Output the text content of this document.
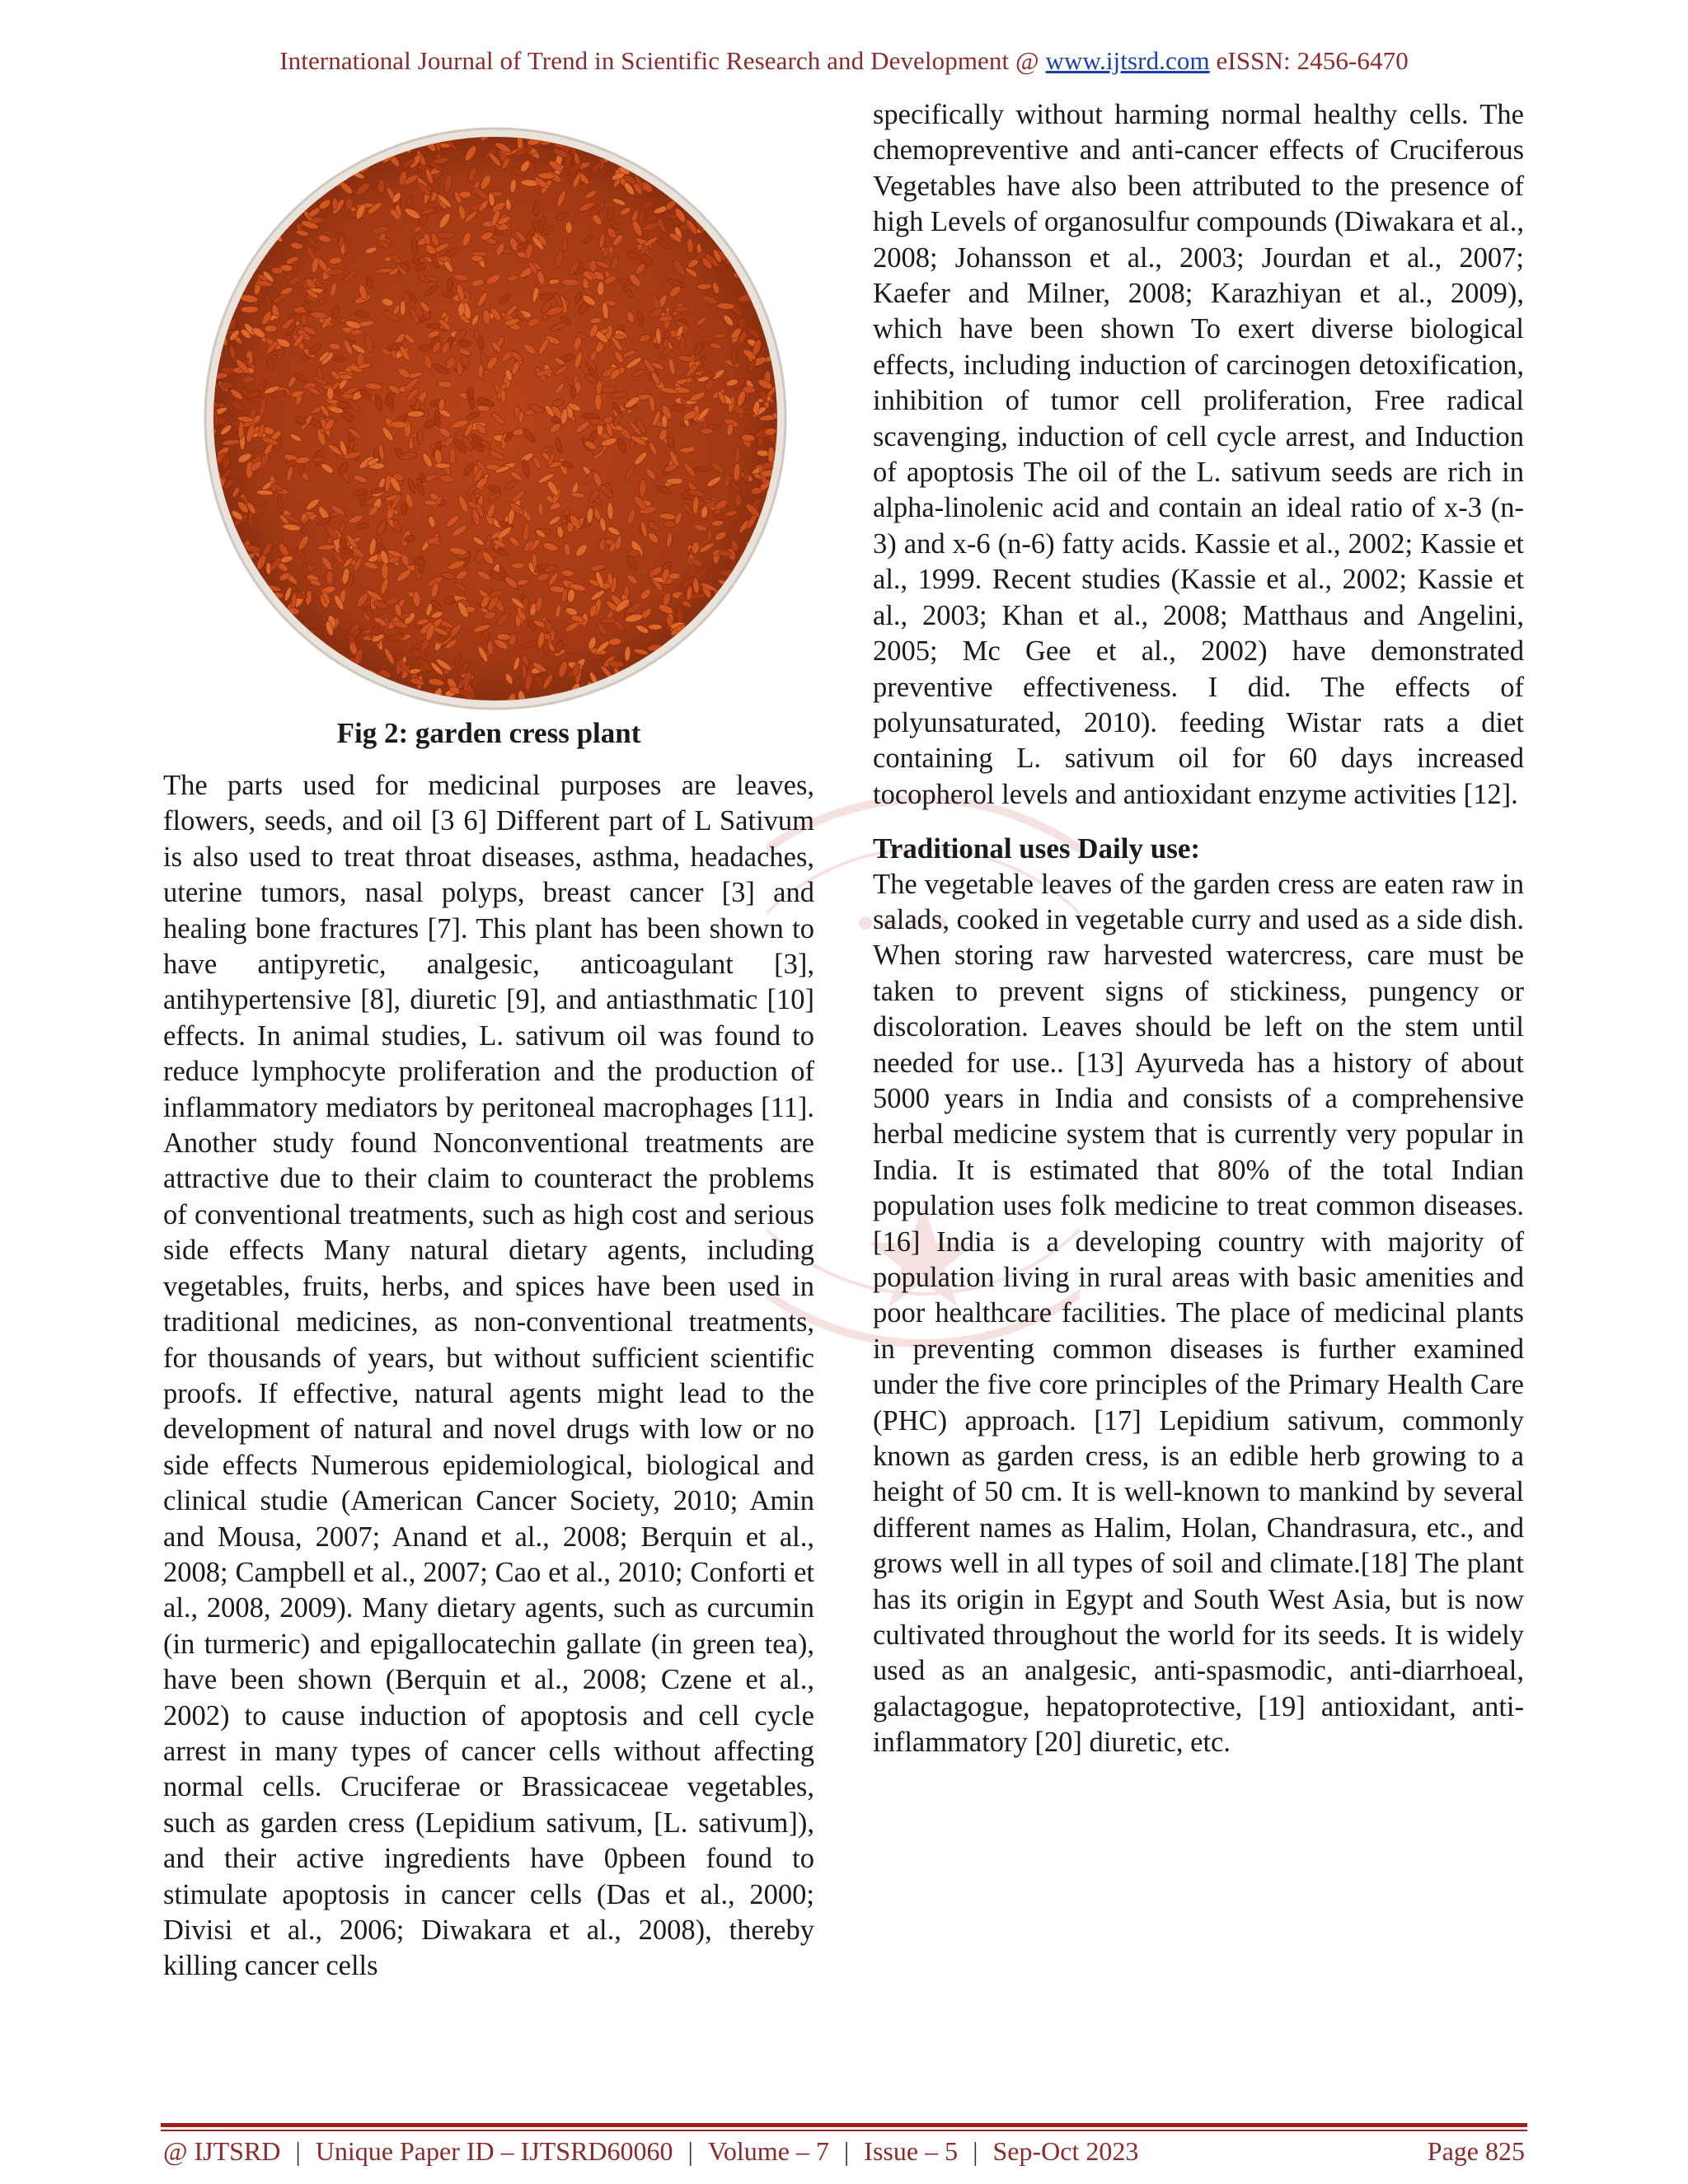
International Journal of Trend in Scientific Research and Development @ www.ijtsrd.com eISSN: 2456-6470
Fig 2: garden cress plant

The parts used for medicinal purposes are leaves, flowers, seeds, and oil [3 6] Different part of L Sativum is also used to treat throat diseases, asthma, headaches, uterine tumors, nasal polyps, breast cancer [3] and healing bone fractures [7]. This plant has been shown to have antipyretic, analgesic, anticoagulant [3], antihypertensive [8], diuretic [9], and antiasthmatic [10] effects. In animal studies, L. sativum oil was found to reduce lymphocyte proliferation and the production of inflammatory mediators by peritoneal macrophages [11]. Another study found Nonconventional treatments are attractive due to their claim to counteract the problems of conventional treatments, such as high cost and serious side effects Many natural dietary agents, including vegetables, fruits, herbs, and spices have been used in traditional medicines, as non-conventional treatments, for thousands of years, but without sufficient scientific proofs. If effective, natural agents might lead to the development of natural and novel drugs with low or no side effects Numerous epidemiological, biological and clinical studie (American Cancer Society, 2010; Amin and Mousa, 2007; Anand et al., 2008; Berquin et al., 2008; Campbell et al., 2007; Cao et al., 2010; Conforti et al., 2008, 2009). Many dietary agents, such as curcumin (in turmeric) and epigallocatechin gallate (in green tea), have been shown (Berquin et al., 2008; Czene et al., 2002) to cause induction of apoptosis and cell cycle arrest in many types of cancer cells without affecting normal cells. Cruciferae or Brassicaceae vegetables, such as garden cress (Lepidium sativum, [L. sativum]), and their active ingredients have 0pbeen found to stimulate apoptosis in cancer cells (Das et al., 2000; Divisi et al., 2006; Diwakara et al., 2008), thereby killing cancer cells

specifically without harming normal healthy cells. The chemopreventive and anti-cancer effects of Cruciferous Vegetables have also been attributed to the presence of high Levels of organosulfur compounds (Diwakara et al., 2008; Johansson et al., 2003; Jourdan et al., 2007; Kaefer and Milner, 2008; Karazhiyan et al., 2009), which have been shown To exert diverse biological effects, including induction of carcinogen detoxification, inhibition of tumor cell proliferation, Free radical scavenging, induction of cell cycle arrest, and Induction of apoptosis The oil of the L. sativum seeds are rich in alpha-linolenic acid and contain an ideal ratio of x-3 (n-3) and x-6 (n-6) fatty acids. Kassie et al., 2002; Kassie et al., 1999. Recent studies (Kassie et al., 2002; Kassie et al., 2003; Khan et al., 2008; Matthaus and Angelini, 2005; Mc Gee et al., 2002) have demonstrated preventive effectiveness. I did. The effects of polyunsaturated, 2010). feeding Wistar rats a diet containing L. sativum oil for 60 days increased tocopherol levels and antioxidant enzyme activities [12].

Traditional uses Daily use:

The vegetable leaves of the garden cress are eaten raw in salads, cooked in vegetable curry and used as a side dish. When storing raw harvested watercress, care must be taken to prevent signs of stickiness, pungency or discoloration. Leaves should be left on the stem until needed for use.. [13] Ayurveda has a history of about 5000 years in India and consists of a comprehensive herbal medicine system that is currently very popular in India. It is estimated that 80% of the total Indian population uses folk medicine to treat common diseases.[16] India is a developing country with majority of population living in rural areas with basic amenities and poor healthcare facilities. The place of medicinal plants in preventing common diseases is further examined under the five core principles of the Primary Health Care (PHC) approach. [17] Lepidium sativum, commonly known as garden cress, is an edible herb growing to a height of 50 cm. It is well-known to mankind by several different names as Halim, Holan, Chandrasura, etc., and grows well in all types of soil and climate.[18] The plant has its origin in Egypt and South West Asia, but is now cultivated throughout the world for its seeds. It is widely used as an analgesic, anti-spasmodic, anti-diarrhoeal, galactagogue, hepatoprotective, [19] antioxidant, anti- inflammatory [20] diuretic, etc.

@ IJTSRD | Unique Paper ID – IJTSRD60060 | Volume – 7 | Issue – 5 | Sep-Oct 2023	Page 825
